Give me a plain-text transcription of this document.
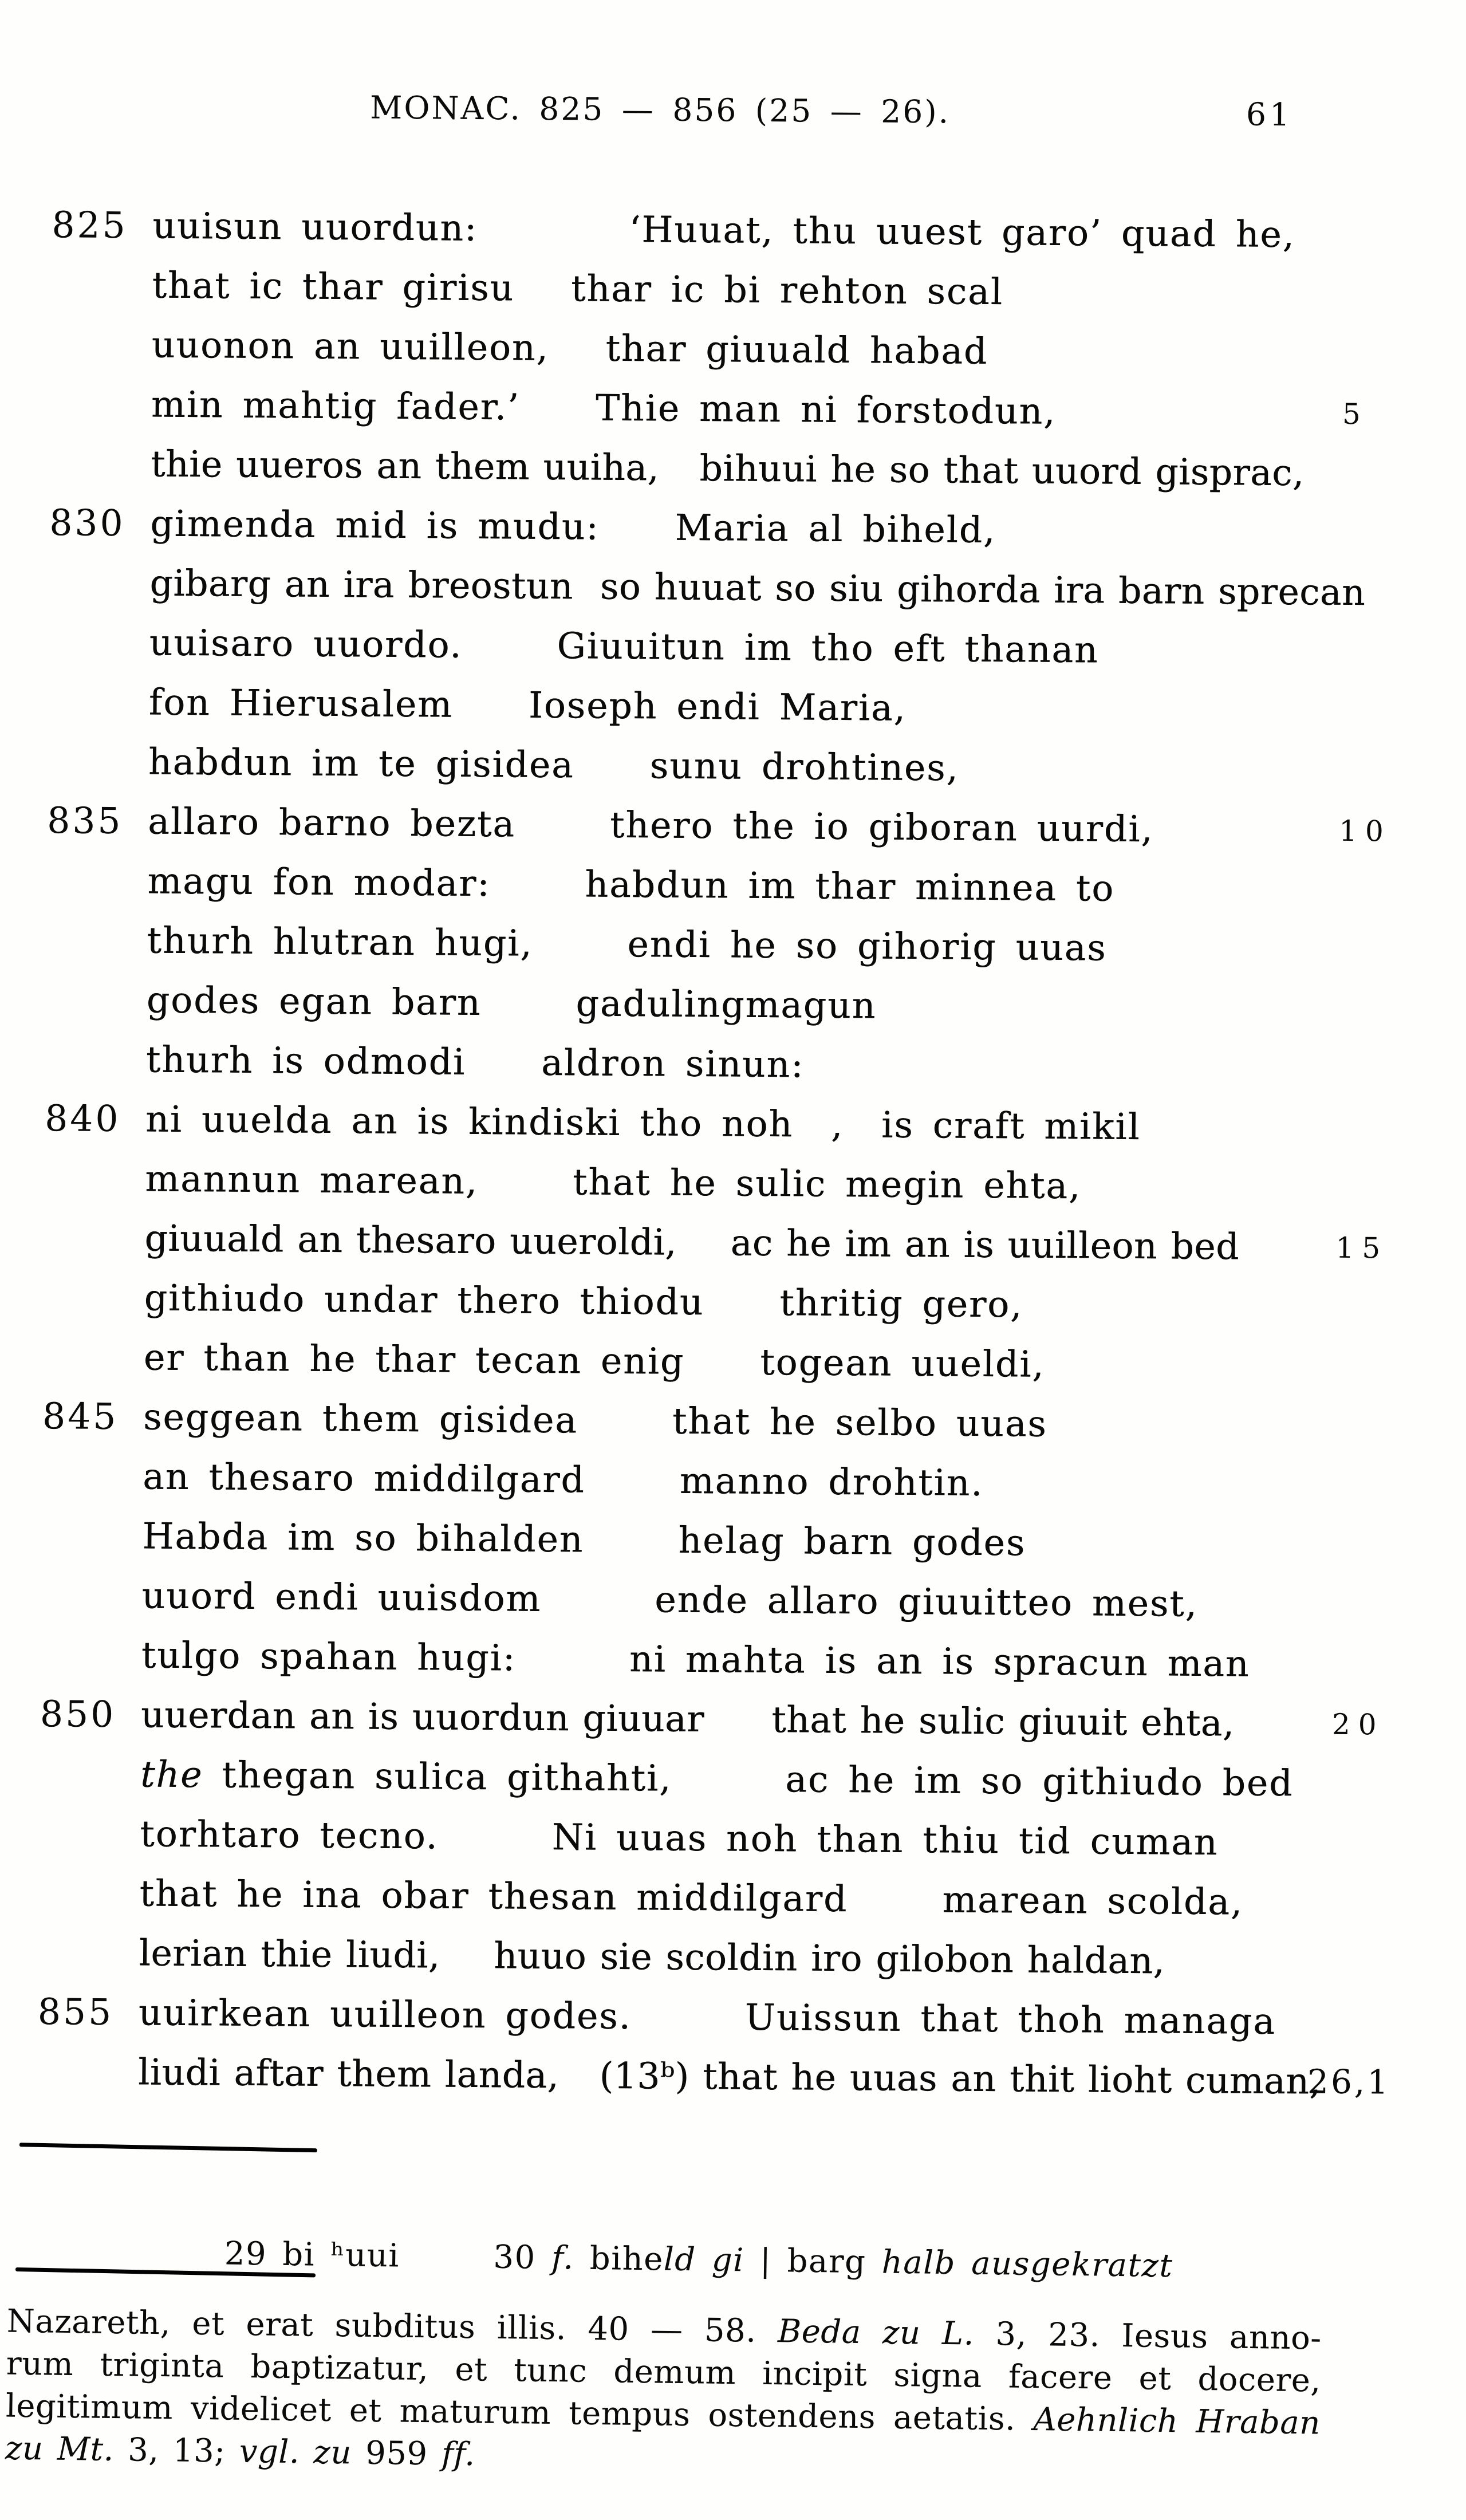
MONAC. 825 — 856 (25 — 26).	61
825 uuisun uuordun:        ‘Huuat, thu uuest garo’ quad he,
that ic thar girisu   thar ic bi rehton scal
uuonon an uuilleon,   thar giuuald habad
min mahtig fader.’    Thie man ni forstodun,	5
thie uueros an them uuiha,   bihuui he so that uuord gisprac,
830 gimenda mid is mudu:    Maria al biheld,
gibarg an ira breostun  so huuat so siu gihorda ira barn sprecan
uuisaro uuordo.     Giuuitun im tho eft thanan
fon Hierusalem    Ioseph endi Maria,
habdun im te gisidea    sunu drohtines,
835 allaro barno bezta     thero the io giboran uurdi,	10
magu fon modar:     habdun im thar minnea to
thurh hlutran hugi,     endi he so gihorig uuas
godes egan barn     gadulingmagun
thurh is odmodi    aldron sinun:
840 ni uuelda an is kindiski tho noh  ,  is craft mikil
mannun marean,     that he sulic megin ehta,
giuuald an thesaro uueroldi,    ac he im an is uuilleon bed	15
githiudo undar thero thiodu    thritig gero,
er than he thar tecan enig    togean uueldi,
845 seggean them gisidea     that he selbo uuas
an thesaro middilgard     manno drohtin.
Habda im so bihalden     helag barn godes
uuord endi uuisdom      ende allaro giuuitteo mest,
tulgo spahan hugi:      ni mahta is an is spracun man
850 uuerdan an is uuordun giuuar     that he sulic giuuit ehta,	20
the thegan sulica githahti,      ac he im so githiudo bed
torhtaro tecno.      Ni uuas noh than thiu tid cuman
that he ina obar thesan middilgard     marean scolda,
lerian thie liudi,    huuo sie scoldin iro gilobon haldan,
855 uuirkean uuilleon godes.      Uuissun that thoh managa
liudi aftar them landa,   (13ᵇ) that he uuas an thit lioht cuman,
26,1

29 bi ʰuui      30 f. biheld gi | barg halb ausgekratzt

Nazareth, et erat subditus illis. 40 — 58. Beda zu L. 3, 23. Iesus anno-
rum triginta baptizatur, et tunc demum incipit signa facere et docere,
legitimum videlicet et maturum tempus ostendens aetatis. Aehnlich Hraban
zu Mt. 3, 13; vgl. zu 959 ff.
